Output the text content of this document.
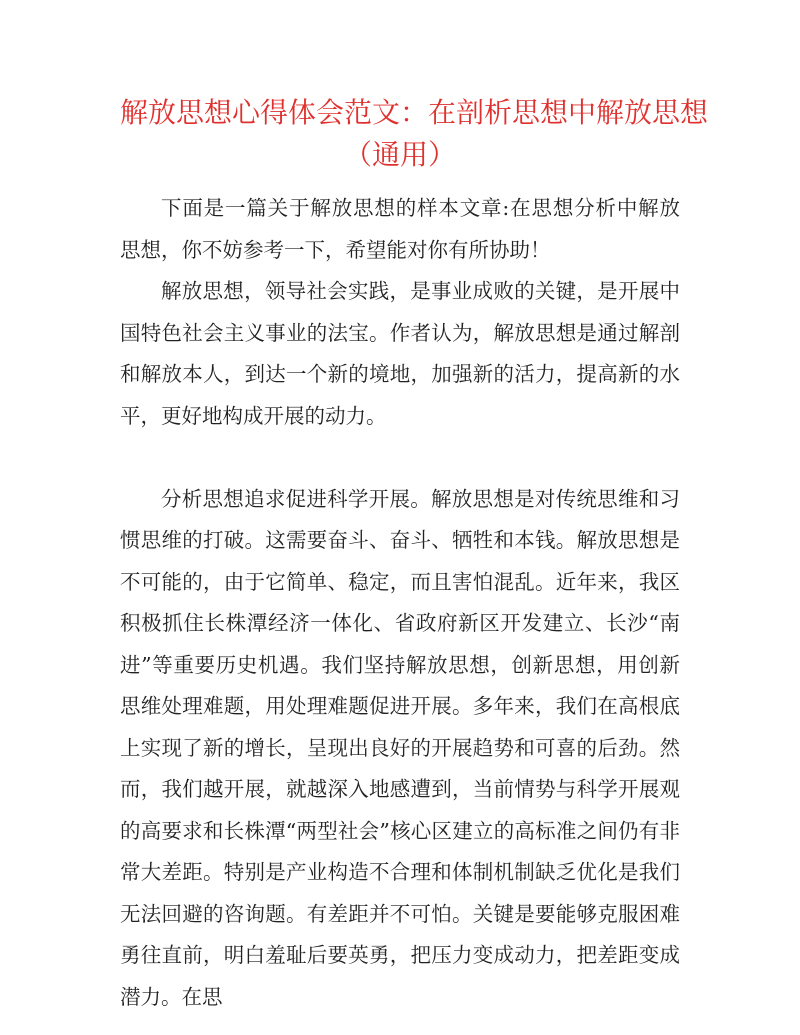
解放思想心得体会范文：在剖析思想中解放思想
（通用）

下面是一篇关于解放思想的样本文章:在思想分析中解放思想，你不妨参考一下，希望能对你有所协助！

解放思想，领导社会实践，是事业成败的关键，是开展中国特色社会主义事业的法宝。作者认为，解放思想是通过解剖和解放本人，到达一个新的境地，加强新的活力，提高新的水平，更好地构成开展的动力。

分析思想追求促进科学开展。解放思想是对传统思维和习惯思维的打破。这需要奋斗、奋斗、牺牲和本钱。解放思想是不可能的，由于它简单、稳定，而且害怕混乱。近年来，我区积极抓住长株潭经济一体化、省政府新区开发建立、长沙“南进”等重要历史机遇。我们坚持解放思想，创新思想，用创新思维处理难题，用处理难题促进开展。多年来，我们在高根底上实现了新的增长，呈现出良好的开展趋势和可喜的后劲。然而，我们越开展，就越深入地感遭到，当前情势与科学开展观的高要求和长株潭“两型社会”核心区建立的高标准之间仍有非常大差距。特别是产业构造不合理和体制机制缺乏优化是我们无法回避的咨询题。有差距并不可怕。关键是要能够克服困难勇往直前，明白羞耻后要英勇，把压力变成动力，把差距变成潜力。在思
